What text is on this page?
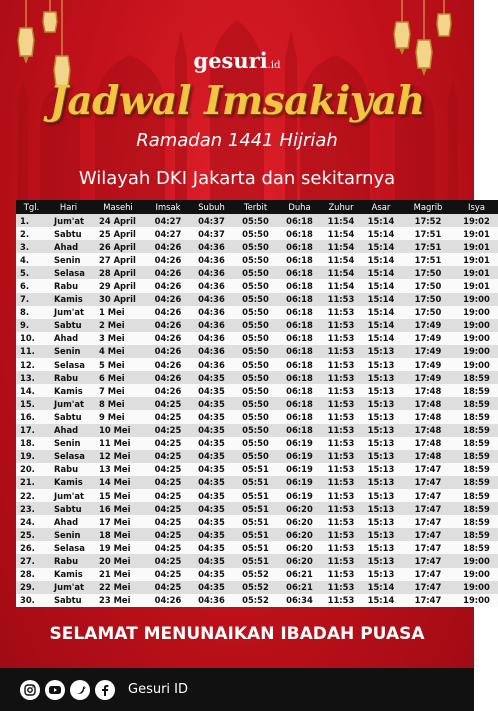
gesuri.id
Jadwal Imsakiyah
Ramadan 1441 Hijriah
Wilayah DKI Jakarta dan sekitarnya
Tgl.	Hari	Masehi	Imsak	Subuh	Terbit	Duha	Zuhur	Asar	Magrib	Isya
1.	Jum'at	24 April	04:27	04:37	05:50	06:18	11:54	15:14	17:52	19:02
2.	Sabtu	25 April	04:27	04:37	05:50	06:18	11:54	15:14	17:51	19:01
3.	Ahad	26 April	04:26	04:36	05:50	06:18	11:54	15:14	17:51	19:01
4.	Senin	27 April	04:26	04:36	05:50	06:18	11:54	15:14	17:51	19:01
5.	Selasa	28 April	04:26	04:36	05:50	06:18	11:54	15:14	17:50	19:01
6.	Rabu	29 April	04:26	04:36	05:50	06:18	11:54	15:14	17:50	19:01
7.	Kamis	30 April	04:26	04:36	05:50	06:18	11:53	15:14	17:50	19:00
8.	Jum'at	1 Mei	04:26	04:36	05:50	06:18	11:53	15:14	17:50	19:00
9.	Sabtu	2 Mei	04:26	04:36	05:50	06:18	11:53	15:14	17:49	19:00
10.	Ahad	3 Mei	04:26	04:36	05:50	06:18	11:53	15:14	17:49	19:00
11.	Senin	4 Mei	04:26	04:36	05:50	06:18	11:53	15:13	17:49	19:00
12.	Selasa	5 Mei	04:26	04:36	05:50	06:18	11:53	15:13	17:49	19:00
13.	Rabu	6 Mei	04:26	04:35	05:50	06:18	11:53	15:13	17:49	18:59
14.	Kamis	7 Mei	04:26	04:35	05:50	06:18	11:53	15:13	17:48	18:59
15.	Jum'at	8 Mei	04:25	04:35	05:50	06:18	11:53	15:13	17:48	18:59
16.	Sabtu	9 Mei	04:25	04:35	05:50	06:18	11:53	15:13	17:48	18:59
17.	Ahad	10 Mei	04:25	04:35	05:50	06:18	11:53	15:13	17:48	18:59
18.	Senin	11 Mei	04:25	04:35	05:50	06:19	11:53	15:13	17:48	18:59
19.	Selasa	12 Mei	04:25	04:35	05:50	06:19	11:53	15:13	17:48	18:59
20.	Rabu	13 Mei	04:25	04:35	05:51	06:19	11:53	15:13	17:47	18:59
21.	Kamis	14 Mei	04:25	04:35	05:51	06:19	11:53	15:13	17:47	18:59
22.	Jum'at	15 Mei	04:25	04:35	05:51	06:19	11:53	15:13	17:47	18:59
23.	Sabtu	16 Mei	04:25	04:35	05:51	06:20	11:53	15:13	17:47	18:59
24.	Ahad	17 Mei	04:25	04:35	05:51	06:20	11:53	15:13	17:47	18:59
25.	Senin	18 Mei	04:25	04:35	05:51	06:20	11:53	15:13	17:47	18:59
26.	Selasa	19 Mei	04:25	04:35	05:51	06:20	11:53	15:13	17:47	18:59
27.	Rabu	20 Mei	04:25	04:35	05:51	06:20	11:53	15:13	17:47	19:00
28.	Kamis	21 Mei	04:25	04:35	05:52	06:21	11:53	15:13	17:47	19:00
29.	Jum'at	22 Mei	04:25	04:35	05:52	06:21	11:53	15:14	17:47	19:00
30.	Sabtu	23 Mei	04:26	04:36	05:52	06:34	11:53	15:14	17:47	19:00
SELAMAT MENUNAIKAN IBADAH PUASA
Gesuri ID
